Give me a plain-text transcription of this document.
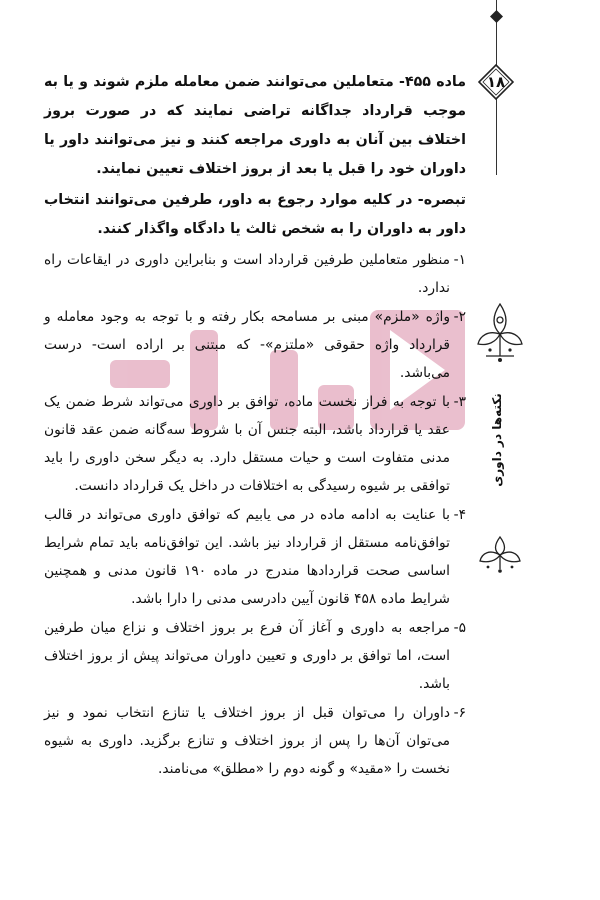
۱۸
نکته‌ها در داوری

ماده ۴۵۵- متعاملین می‌توانند ضمن معامله ملزم شوند و یا به موجب قرارداد جداگانه تراضی نمایند که در صورت بروز اختلاف بین آنان به داوری مراجعه کنند و نیز می‌توانند داور یا داوران خود را قبل یا بعد از بروز اختلاف تعیین نمایند.

تبصره- در کلیه موارد رجوع به داور، طرفین می‌توانند انتخاب داور به داوران را به شخص ثالث یا دادگاه واگذار کنند.

۱-
منظور متعاملین طرفین قرارداد است و بنابراین داوری در ایقاعات راه ندارد.
۲-
واژه «ملزم» مبنی بر مسامحه بکار رفته و با توجه به وجود معامله و قرارداد واژه حقوقی «ملتزم»- که مبتنی بر اراده است- درست می‌باشد.
۳-
با توجه به فراز نخست ماده، توافق بر داوری می‌تواند شرط ضمن یک عقد یا قرارداد باشد، البته جنس آن با شروط سه‌گانه ضمن عقد قانون مدنی متفاوت است و حیات مستقل دارد. به دیگر سخن داوری را باید توافقی بر شیوه رسیدگی به اختلافات در داخل یک قرارداد دانست.
۴-
با عنایت به ادامه ماده در می یابیم که توافق داوری می‌تواند در قالب توافق‌نامه مستقل از قرارداد نیز باشد. این توافق‌نامه باید تمام شرایط اساسی صحت قراردادها مندرج در ماده ۱۹۰ قانون مدنی و همچنین شرایط ماده ۴۵۸ قانون آیین دادرسی مدنی را دارا باشد.
۵-
مراجعه به داوری و آغاز آن فرع بر بروز اختلاف و نزاع میان طرفین است، اما توافق بر داوری و تعیین داوران می‌تواند پیش از بروز اختلاف باشد.
۶-
داوران را می‌توان قبل از بروز اختلاف یا تنازع انتخاب نمود و نیز می‌توان آن‌ها را پس از بروز اختلاف و تنازع برگزید. داوری به شیوه نخست را «مقید» و گونه دوم را «مطلق» می‌نامند.
